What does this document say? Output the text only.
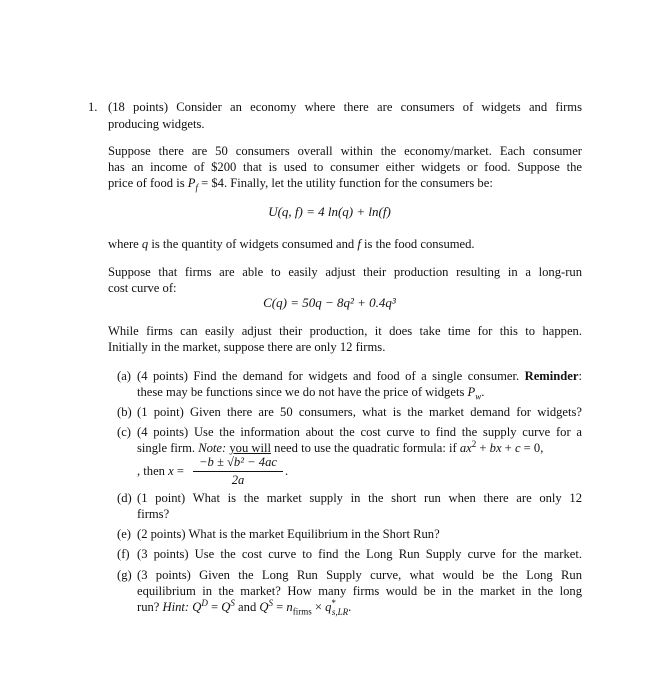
1. (18 points) Consider an economy where there are consumers of widgets and firms
producing widgets.
Suppose there are 50 consumers overall within the economy/market. Each consumer
has an income of $200 that is used to consumer either widgets or food. Suppose the
price of food is $P_f$ = $4. Finally, let the utility function for the consumers be:
U(q, f) = 4 ln(q) + ln(f)
where q is the quantity of widgets consumed and f is the food consumed.
Suppose that firms are able to easily adjust their production resulting in a long-run
cost curve of:
C(q) = 50q − 8q² + 0.4q³
While firms can easily adjust their production, it does take time for this to happen.
Initially in the market, suppose there are only 12 firms.
(a) (4 points) Find the demand for widgets and food of a single consumer. Reminder:
these may be functions since we do not have the price of widgets $P_w$.
(b) (1 point) Given there are 50 consumers, what is the market demand for widgets?
(c) (4 points) Use the information about the cost curve to find the supply curve for a
single firm. Note: you will need to use the quadratic formula: if $ax^2$ + bx + c = 0,
, then x =
−b ± √b² − 4ac
2a
.
(d) (1 point) What is the market supply in the short run when there are only 12
firms?
(e) (2 points) What is the market Equilibrium in the Short Run?
(f) (3 points) Use the cost curve to find the Long Run Supply curve for the market.
(g) (3 points) Given the Long Run Supply curve, what would be the Long Run
equilibrium in the market? How many firms would be in the market in the long
run? Hint: $Q^D = Q^S$ and $Q^S = n_{firms} \times q^*_{s,LR}$.
